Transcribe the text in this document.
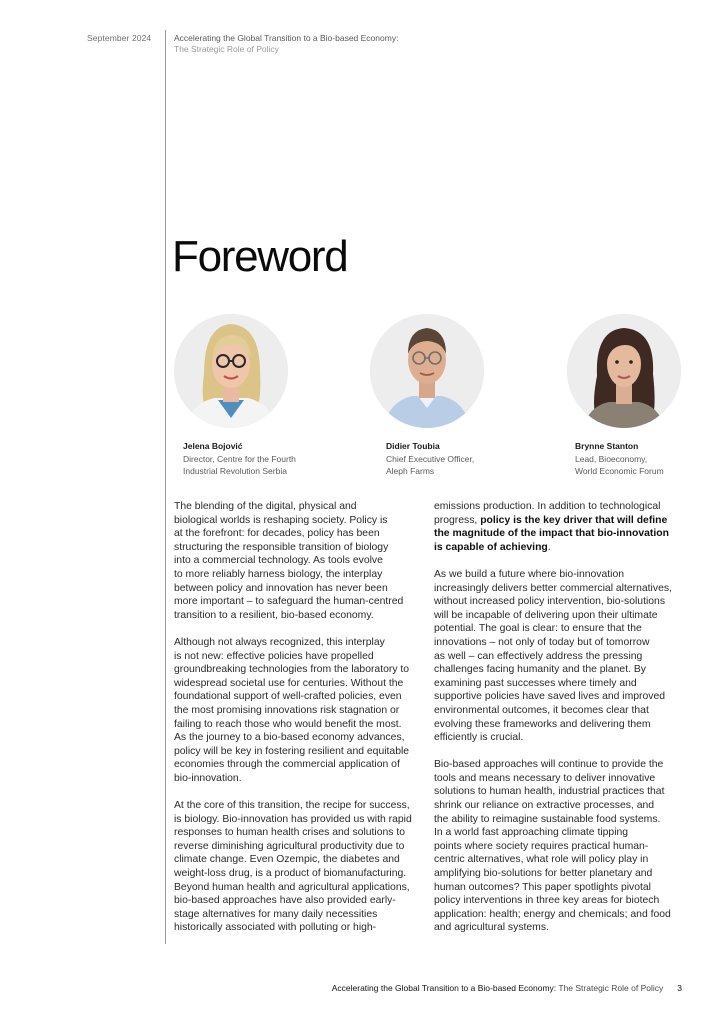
September 2024	Accelerating the Global Transition to a Bio-based Economy:
The Strategic Role of Policy
Foreword
Jelena Bojović
Director, Centre for the Fourth
Industrial Revolution Serbia
Didier Toubia
Chief Executive Officer,
Aleph Farms
Brynne Stanton
Lead, Bioeconomy,
World Economic Forum

The blending of the digital, physical and
biological worlds is reshaping society. Policy is
at the forefront: for decades, policy has been
structuring the responsible transition of biology
into a commercial technology. As tools evolve
to more reliably harness biology, the interplay
between policy and innovation has never been
more important – to safeguard the human-centred
transition to a resilient, bio-based economy.

Although not always recognized, this interplay
is not new: effective policies have propelled
groundbreaking technologies from the laboratory to
widespread societal use for centuries. Without the
foundational support of well-crafted policies, even
the most promising innovations risk stagnation or
failing to reach those who would benefit the most.
As the journey to a bio-based economy advances,
policy will be key in fostering resilient and equitable
economies through the commercial application of
bio-innovation.

At the core of this transition, the recipe for success,
is biology. Bio-innovation has provided us with rapid
responses to human health crises and solutions to
reverse diminishing agricultural productivity due to
climate change. Even Ozempic, the diabetes and
weight-loss drug, is a product of biomanufacturing.
Beyond human health and agricultural applications,
bio-based approaches have also provided early-
stage alternatives for many daily necessities
historically associated with polluting or high-

emissions production. In addition to technological
progress, policy is the key driver that will define
the magnitude of the impact that bio-innovation
is capable of achieving.

As we build a future where bio-innovation
increasingly delivers better commercial alternatives,
without increased policy intervention, bio-solutions
will be incapable of delivering upon their ultimate
potential. The goal is clear: to ensure that the
innovations – not only of today but of tomorrow
as well – can effectively address the pressing
challenges facing humanity and the planet. By
examining past successes where timely and
supportive policies have saved lives and improved
environmental outcomes, it becomes clear that
evolving these frameworks and delivering them
efficiently is crucial.

Bio-based approaches will continue to provide the
tools and means necessary to deliver innovative
solutions to human health, industrial practices that
shrink our reliance on extractive processes, and
the ability to reimagine sustainable food systems.
In a world fast approaching climate tipping
points where society requires practical human-
centric alternatives, what role will policy play in
amplifying bio-solutions for better planetary and
human outcomes? This paper spotlights pivotal
policy interventions in three key areas for biotech
application: health; energy and chemicals; and food
and agricultural systems.

Accelerating the Global Transition to a Bio-based Economy: The Strategic Role of Policy 3
